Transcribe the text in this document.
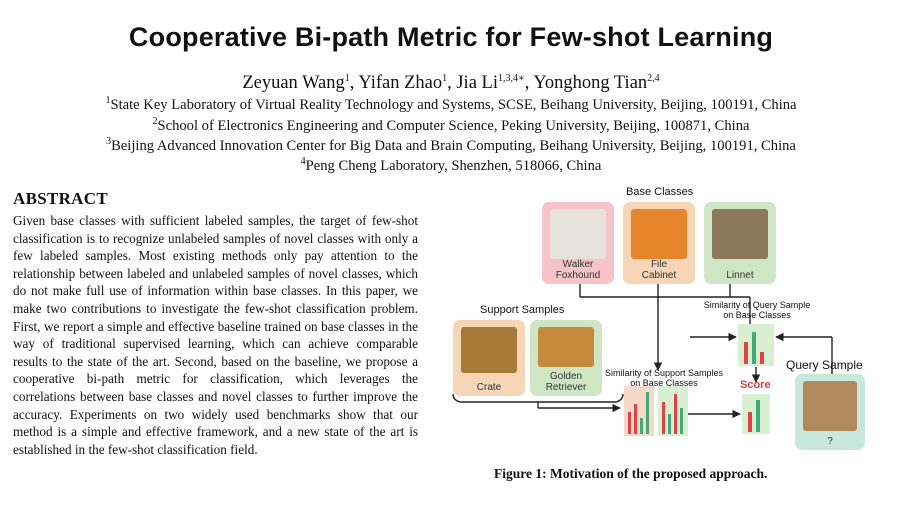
Cooperative Bi-path Metric for Few-shot Learning
Zeyuan Wang$^1$, Yifan Zhao$^1$, Jia $Li^{1,3,4∗}$, Yonghong Tian$^{2,4}$
$^1$State Key Laboratory of Virtual Reality Technology and Systems, SCSE, Beihang University, Beijing, 100191, China
$^2$School of Electronics Engineering and Computer Science, Peking University, Beijing, 100871, China
$^3$Beijing Advanced Innovation Center for Big Data and Brain Computing, Beihang University, Beijing, 100191, China
$^4$Peng Cheng Laboratory, Shenzhen, 518066, China
ABSTRACT
Given base classes with sufficient labeled samples, the target of few-shot classification is to recognize unlabeled samples of novel classes with only a few labeled samples. Most existing methods only pay attention to the relationship between labeled and unlabeled samples of novel classes, which do not make full use of information within base classes. In this paper, we make two contributions to investigate the few-shot classification problem. First, we report a simple and effective baseline trained on base classes in the way of traditional supervised learning, which can achieve comparable results to the state of the art. Second, based on the baseline, we propose a cooperative bi-path metric for classification, which leverages the correlations between base classes and novel classes to further improve the accuracy. Experiments on two widely used benchmarks show that our method is a simple and effective framework, and a new state of the art is established in the few-shot classification field.
Base Classes
Walker
Foxhound
File
Cabinet	Linnet

Support Samples
Crate
Golden
Retriever
Similarity of Support Samples
on Base Classes
Similarity of Query Sample
on Base Classes
Score
Query Sample
?
Figure 1: Motivation of the proposed approach.
